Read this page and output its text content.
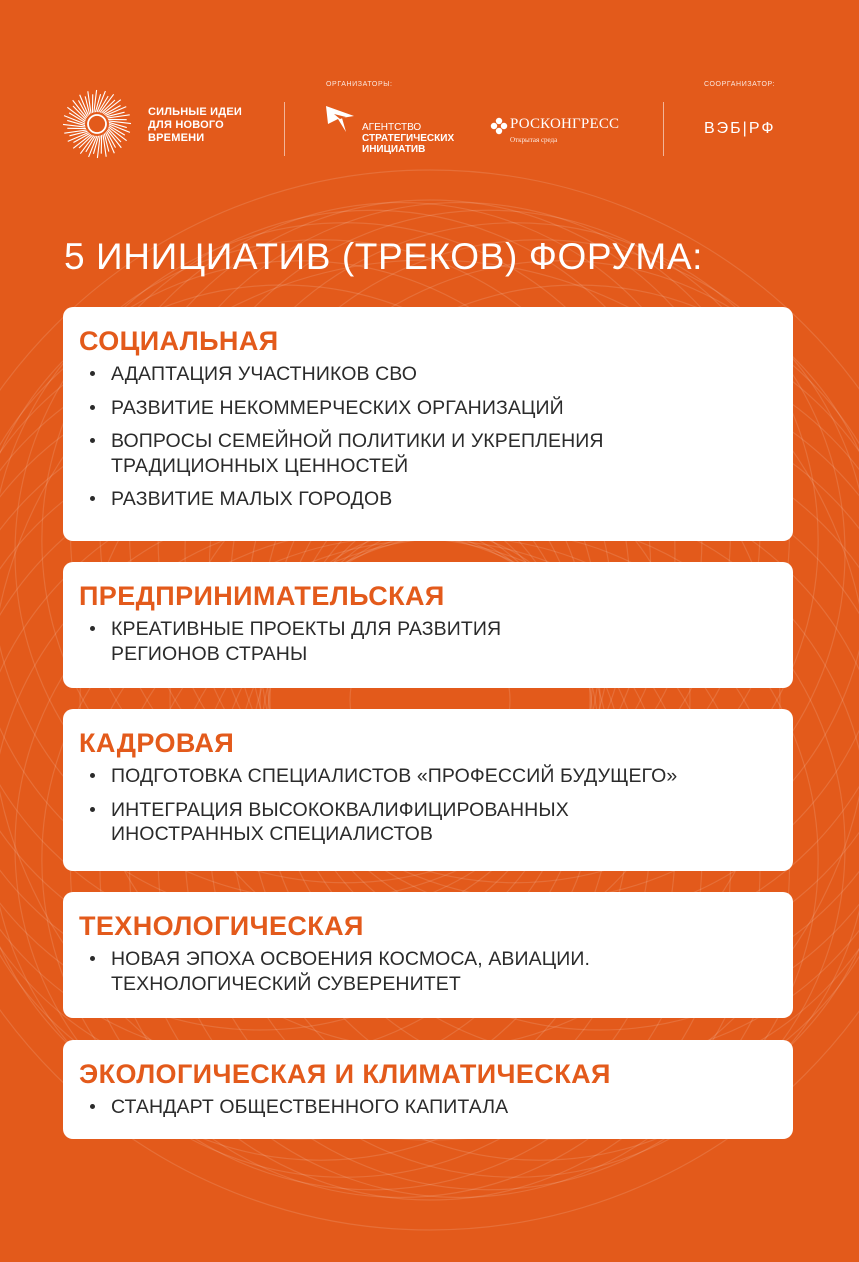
СИЛЬНЫЕ ИДЕИ
ДЛЯ НОВОГО
ВРЕМЕНИ
ОРГАНИЗАТОРЫ:
АГЕНТСТВО
СТРАТЕГИЧЕСКИХ
ИНИЦИАТИВ
РОСКОНГРЕСС
Открытая среда
СООРГАНИЗАТОР:
ВЭБ|РФ
5 ИНИЦИАТИВ (ТРЕКОВ) ФОРУМА:
СОЦИАЛЬНАЯ
АДАПТАЦИЯ УЧАСТНИКОВ СВО
РАЗВИТИЕ НЕКОММЕРЧЕСКИХ ОРГАНИЗАЦИЙ
ВОПРОСЫ СЕМЕЙНОЙ ПОЛИТИКИ И УКРЕПЛЕНИЯ
ТРАДИЦИОННЫХ ЦЕННОСТЕЙ
РАЗВИТИЕ МАЛЫХ ГОРОДОВ
ПРЕДПРИНИМАТЕЛЬСКАЯ
КРЕАТИВНЫЕ ПРОЕКТЫ ДЛЯ РАЗВИТИЯ
РЕГИОНОВ СТРАНЫ
КАДРОВАЯ
ПОДГОТОВКА СПЕЦИАЛИСТОВ «ПРОФЕССИЙ БУДУЩЕГО»
ИНТЕГРАЦИЯ ВЫСОКОКВАЛИФИЦИРОВАННЫХ
ИНОСТРАННЫХ СПЕЦИАЛИСТОВ
ТЕХНОЛОГИЧЕСКАЯ
НОВАЯ ЭПОХА ОСВОЕНИЯ КОСМОСА, АВИАЦИИ.
ТЕХНОЛОГИЧЕСКИЙ СУВЕРЕНИТЕТ
ЭКОЛОГИЧЕСКАЯ И КЛИМАТИЧЕСКАЯ
СТАНДАРТ ОБЩЕСТВЕННОГО КАПИТАЛА
